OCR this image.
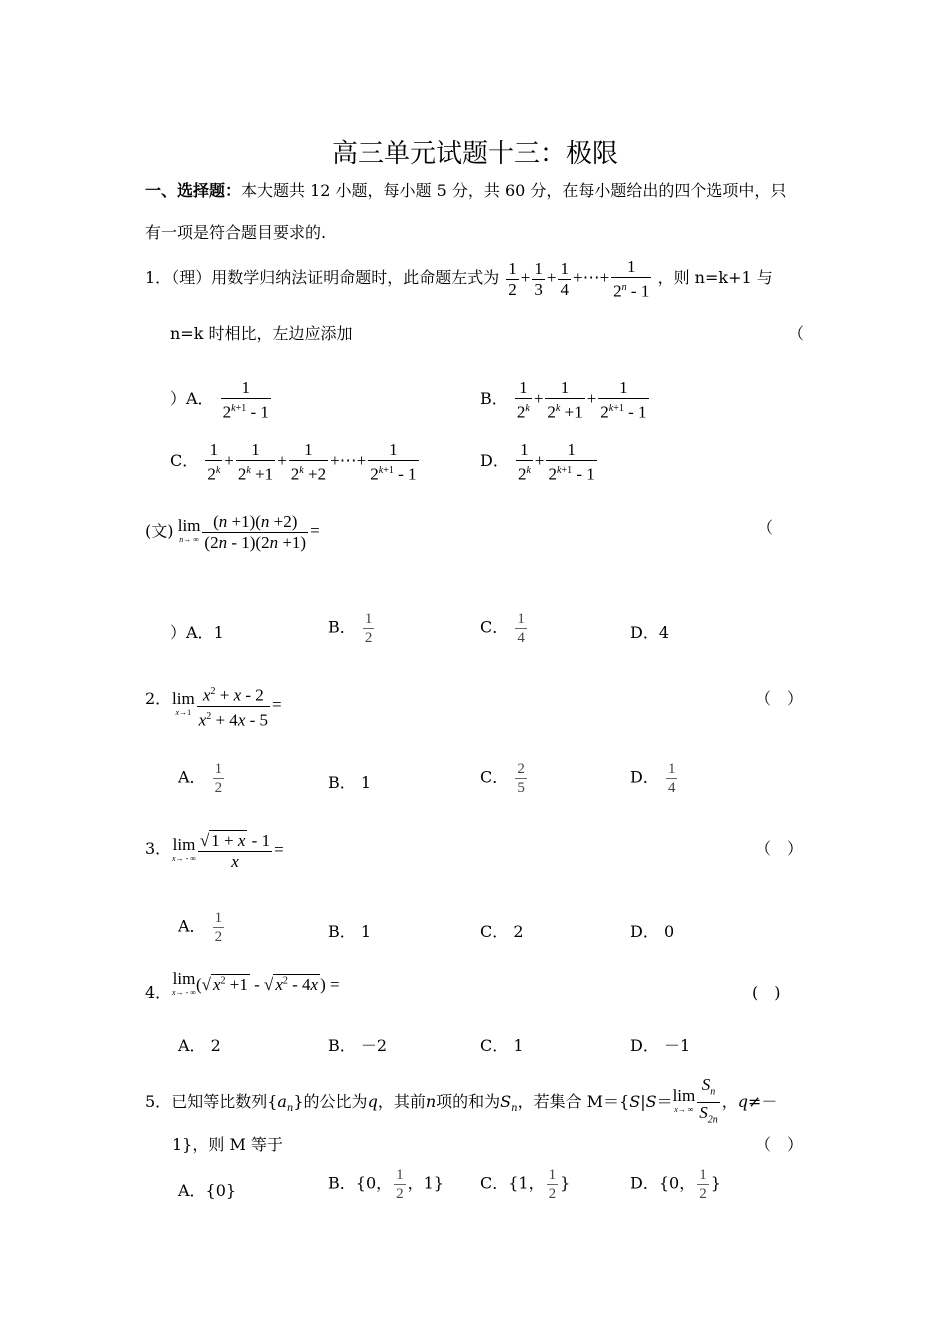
高三单元试题十三：极限
一、选择题：本大题共 12 小题，每小题 5 分，共 60 分，在每小题给出的四个选项中，只
有一项是符合题目要求的.
1．（理）用数学归纳法证明命题时，此命题左式为 $\frac{1}{2} + \frac{1}{3} + \frac{1}{4}$ +⋯+ $\frac{1}{2^n - 1}$ ，则 n=k+1 与
n=k 时相比，左边应添加	（
）A． $\frac{1}{2^{k+1} - 1}$	B． $\frac{1}{2^k} + \frac{1}{2^k +1} + \frac{1}{2^{k+1} - 1}$
C． $\frac{1}{2^k} + \frac{1}{2^k +1} + \frac{1}{2^k +2}$ +⋯+ $\frac{1}{2^{k+1} - 1}$	D． $\frac{1}{2^k} + \frac{1}{2^{k+1} - 1}$
(文) lim
n→ ∞ $\frac{(n +1)(n +2)}{(2n - 1)(2n +1)}$ =	（
）A．1	B． $\frac{1}{2}$	C． $\frac{1}{4}$	D．4
2． lim
$x\to 1 \frac{x^2 + x - 2}{x^2 + 4x - 5}$ =	（　）
A． $\frac{1}{2}$	B． 1	C． $\frac{2}{5}$	D． $\frac{1}{4}$
3． lim
x→ - ∞ $\frac{√ 1 + x - 1}{x}$ =	（　）
A． $\frac{1}{2}$	B． 1	C． 2	D． 0
4．
lim
x→ - ∞ (√ $x^2 +1$ - √ $x^2 - 4x$ ) =	(　)
A． 2	B． －2	C． 1	D． －1
5．已知等比数列$\{a_n\}$的公比为q，其前n项的和为$S_n$，若集合 M＝{S|S＝ lim
x→ ∞ $\frac{S_n}{S_{2n}}$ ，q≠－
1}，则 M 等于	（　）
A．{0}	B．{0， $\frac{1}{2}$ ，1} C．{1， $\frac{1}{2}$ }	D．{0， $\frac{1}{2}$ }
